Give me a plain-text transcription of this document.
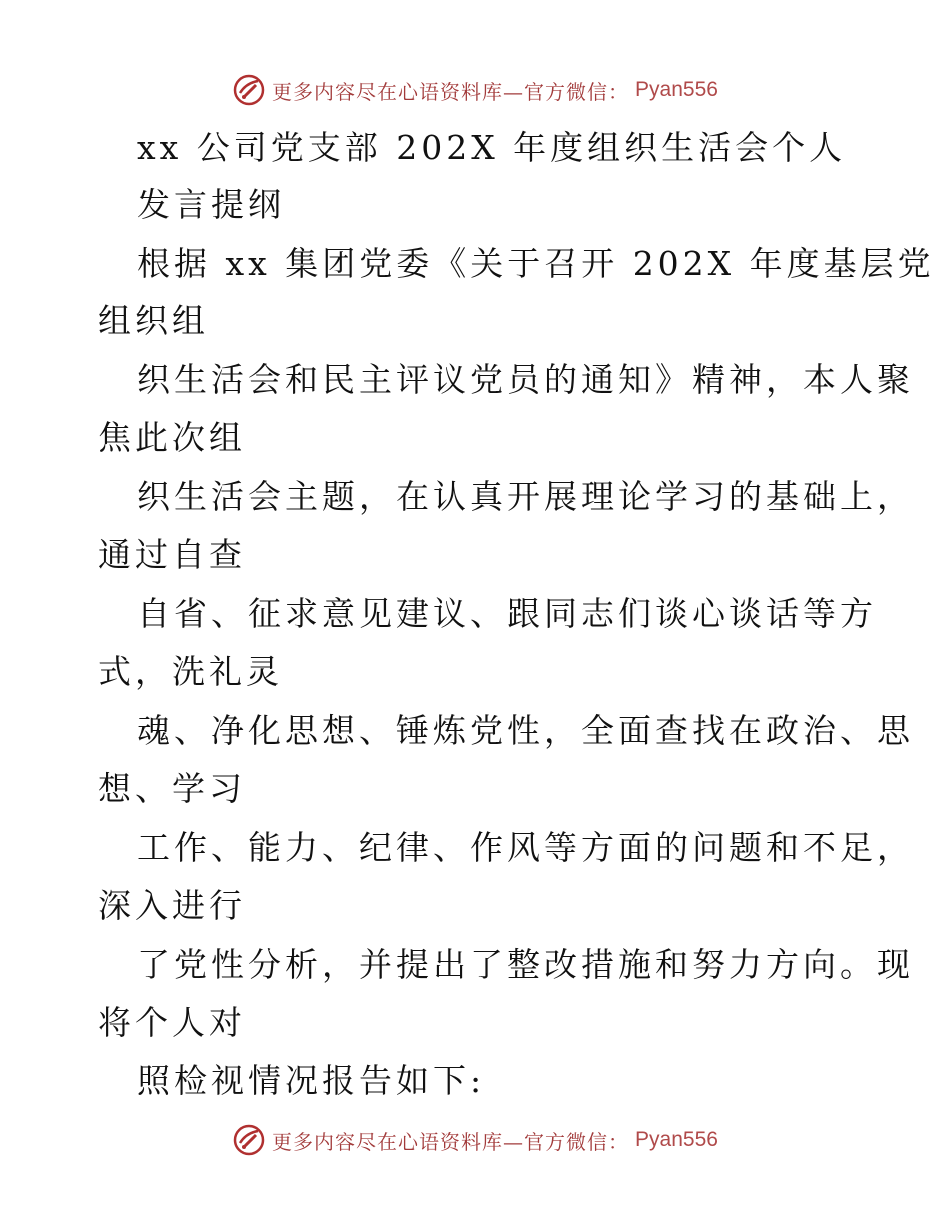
更多内容尽在心语资料库—官方微信： Pyan556
xx 公司党支部 202X 年度组织生活会个人
发言提纲
根据 xx 集团党委《关于召开 202X 年度基层党
组织组
织生活会和民主评议党员的通知》精神，本人聚
焦此次组
织生活会主题，在认真开展理论学习的基础上，
通过自查
自省、征求意见建议、跟同志们谈心谈话等方
式，洗礼灵
魂、净化思想、锤炼党性，全面查找在政治、思
想、学习
工作、能力、纪律、作风等方面的问题和不足，
深入进行
了党性分析，并提出了整改措施和努力方向。现
将个人对
照检视情况报告如下:
更多内容尽在心语资料库—官方微信： Pyan556
